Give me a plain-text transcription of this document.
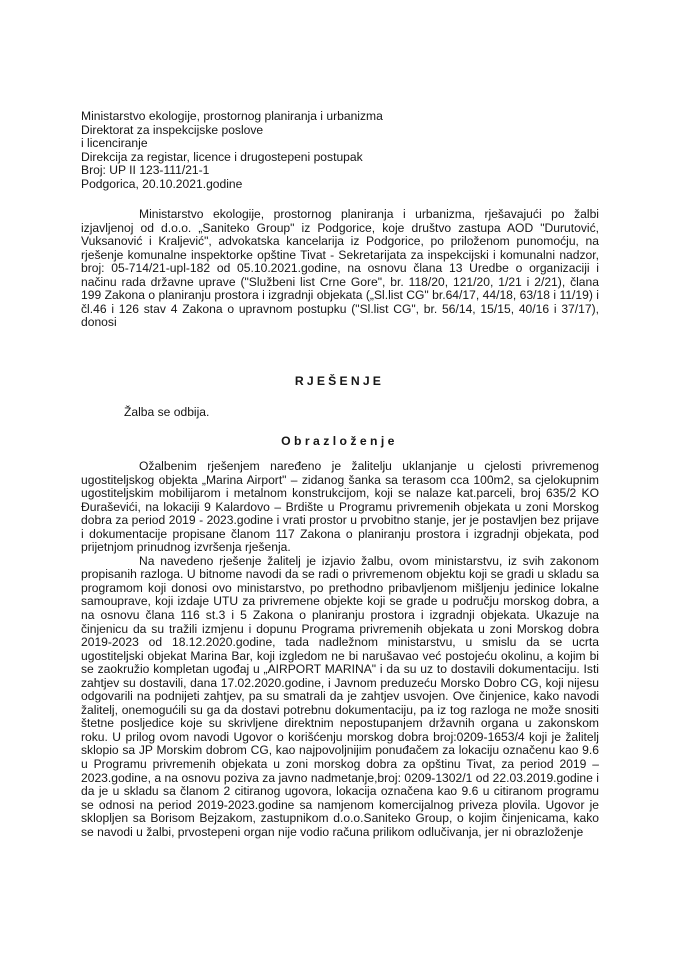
Ministarstvo ekologije, prostornog planiranja i urbanizma
Direktorat za inspekcijske poslove
i licenciranje
Direkcija za registar, licence i drugostepeni postupak
Broj: UP II 123-111/21-1
Podgorica, 20.10.2021.godine

Ministarstvo ekologije, prostornog planiranja i urbanizma, rješavajući po žalbi izjavljenoj od d.o.o. „Saniteko Group" iz Podgorice, koje društvo zastupa AOD "Durutović, Vuksanović i Kraljević", advokatska kancelarija iz Podgorice, po priloženom punomoćju, na rješenje komunalne inspektorke opštine Tivat - Sekretarijata za inspekcijski i komunalni nadzor, broj: 05-714/21-upl-182 od 05.10.2021.godine, na osnovu člana 13 Uredbe o organizaciji i načinu rada državne uprave ("Službeni list Crne Gore", br. 118/20, 121/20, 1/21 i 2/21), člana 199 Zakona o planiranju prostora i izgradnji objekata („Sl.list CG" br.64/17, 44/18, 63/18 i 11/19) i čl.46 i 126 stav 4 Zakona o upravnom postupku ("Sl.list CG", br. 56/14, 15/15, 40/16 i 37/17), donosi

RJEŠENJE
Žalba se odbija.
Obrazloženje

Ožalbenim rješenjem naređeno je žalitelju uklanjanje u cjelosti privremenog ugostiteljskog objekta „Marina Airport" – zidanog šanka sa terasom cca 100m2, sa cjelokupnim ugostiteljskim mobilijarom i metalnom konstrukcijom, koji se nalaze kat.parceli, broj 635/2 KO Đuraševići, na lokaciji 9 Kalardovo – Brdište u Programu privremenih objekata u zoni Morskog dobra za period 2019 - 2023.godine i vrati prostor u prvobitno stanje, jer je postavljen bez prijave i dokumentacije propisane članom 117 Zakona o planiranju prostora i izgradnji objekata, pod prijetnjom prinudnog izvršenja rješenja.

Na navedeno rješenje žalitelj je izjavio žalbu, ovom ministarstvu, iz svih zakonom propisanih razloga. U bitnome navodi da se radi o privremenom objektu koji se gradi u skladu sa programom koji donosi ovo ministarstvo, po prethodno pribavljenom mišljenju jedinice lokalne samouprave, koji izdaje UTU za privremene objekte koji se grade u području morskog dobra, a na osnovu člana 116 st.3 i 5 Zakona o planiranju prostora i izgradnji objekata. Ukazuje na činjenicu da su tražili izmjenu i dopunu Programa privremenih objekata u zoni Morskog dobra 2019-2023 od 18.12.2020.godine, tada nadležnom ministarstvu, u smislu da se ucrta ugostiteljski objekat Marina Bar, koji izgledom ne bi narušavao već postojeću okolinu, a kojim bi se zaokružio kompletan ugođaj u „AIRPORT MARINA" i da su uz to dostavili dokumentaciju. Isti zahtjev su dostavili, dana 17.02.2020.godine, i Javnom preduzeću Morsko Dobro CG, koji nijesu odgovarili na podnijeti zahtjev, pa su smatrali da je zahtjev usvojen. Ove činjenice, kako navodi žalitelj, onemogućili su ga da dostavi potrebnu dokumentaciju, pa iz tog razloga ne može snositi štetne posljedice koje su skrivljene direktnim nepostupanjem državnih organa u zakonskom roku. U prilog ovom navodi Ugovor o korišćenju morskog dobra broj:0209-1653/4 koji je žalitelj sklopio sa JP Morskim dobrom CG, kao najpovoljnijim ponuđačem za lokaciju označenu kao 9.6 u Programu privremenih objekata u zoni morskog dobra za opštinu Tivat, za period 2019 – 2023.godine, a na osnovu poziva za javno nadmetanje,broj: 0209-1302/1 od 22.03.2019.godine i da je u skladu sa članom 2 citiranog ugovora, lokacija označena kao 9.6 u citiranom programu se odnosi na period 2019-2023.godine sa namjenom komercijalnog priveza plovila. Ugovor je sklopljen sa Borisom Bejzakom, zastupnikom d.o.o.Saniteko Group, o kojim činjenicama, kako se navodi u žalbi, prvostepeni organ nije vodio računa prilikom odlučivanja, jer ni obrazloženje
